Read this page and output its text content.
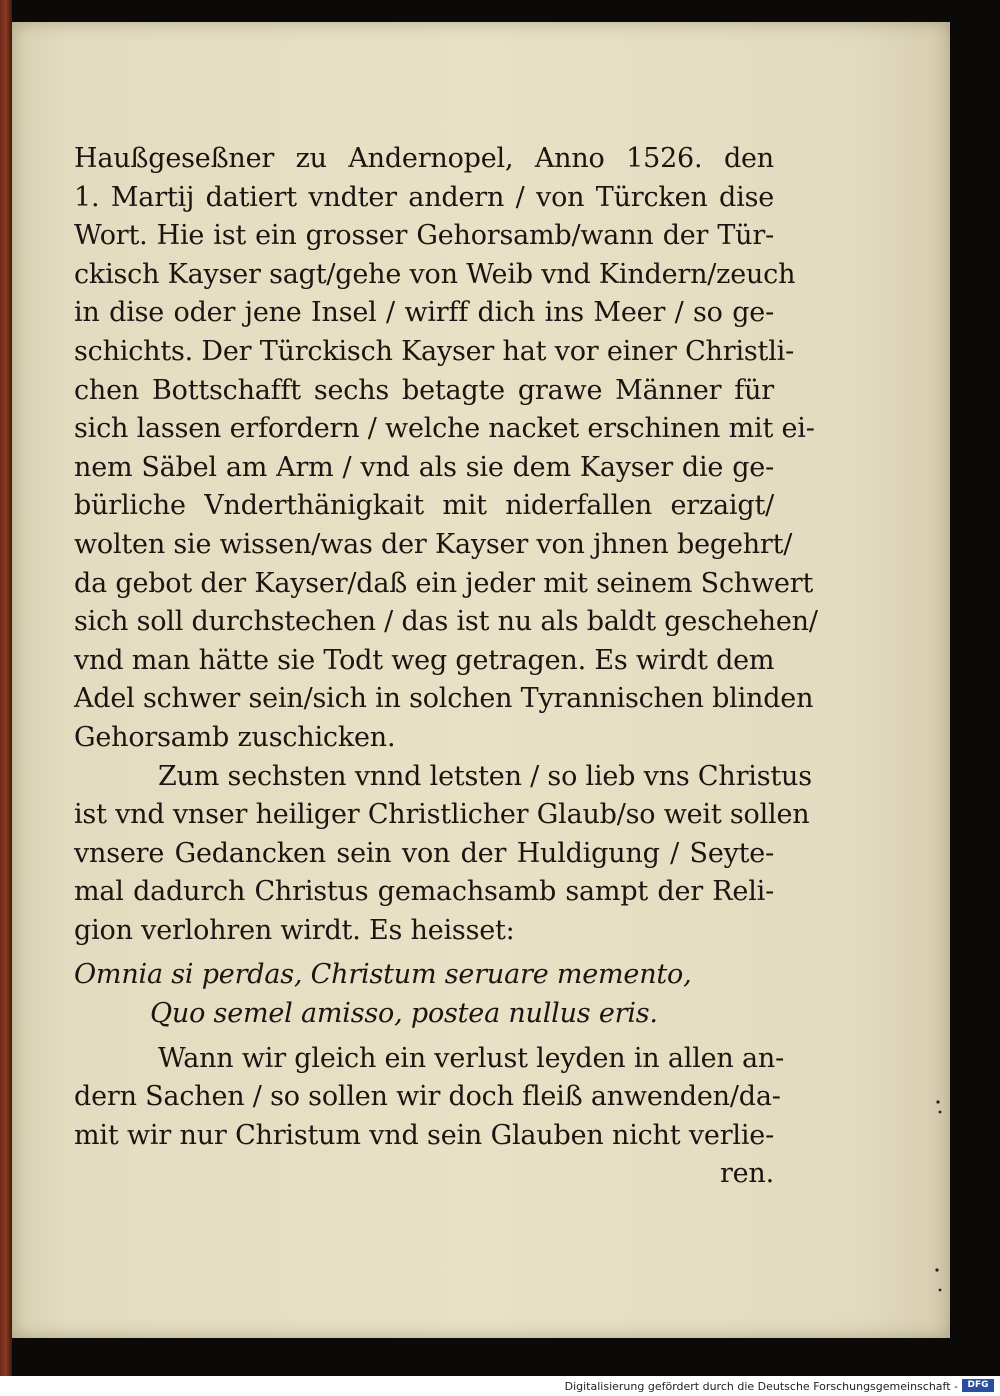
Haußgeseßner zu Andernopel, Anno 1526. den
1. Martij datiert vndter andern / von Türcken dise
Wort. Hie ist ein grosser Gehorsamb/wann der Tür-
ckisch Kayser sagt/gehe von Weib vnd Kindern/zeuch
in dise oder jene Insel / wirff dich ins Meer / so ge-
schichts. Der Türckisch Kayser hat vor einer Christli-
chen Bottschafft sechs betagte grawe Männer für
sich lassen erfordern / welche nacket erschinen mit ei-
nem Säbel am Arm / vnd als sie dem Kayser die ge-
bürliche Vnderthänigkait mit niderfallen erzaigt/
wolten sie wissen/was der Kayser von jhnen begehrt/
da gebot der Kayser/daß ein jeder mit seinem Schwert
sich soll durchstechen / das ist nu als baldt geschehen/
vnd man hätte sie Todt weg getragen. Es wirdt dem
Adel schwer sein/sich in solchen Tyrannischen blinden
Gehorsamb zuschicken.
Zum sechsten vnnd letsten / so lieb vns Christus
ist vnd vnser heiliger Christlicher Glaub/so weit sollen
vnsere Gedancken sein von der Huldigung / Seyte-
mal dadurch Christus gemachsamb sampt der Reli-
gion verlohren wirdt. Es heisset:
Omnia si perdas, Christum seruare memento,
Quo semel amisso, postea nullus eris.
Wann wir gleich ein verlust leyden in allen an-
dern Sachen / so sollen wir doch fleiß anwenden/da-
mit wir nur Christum vnd sein Glauben nicht verlie-
ren.
Digitalisierung gefördert durch die Deutsche Forschungsgemeinschaft -	DFG
